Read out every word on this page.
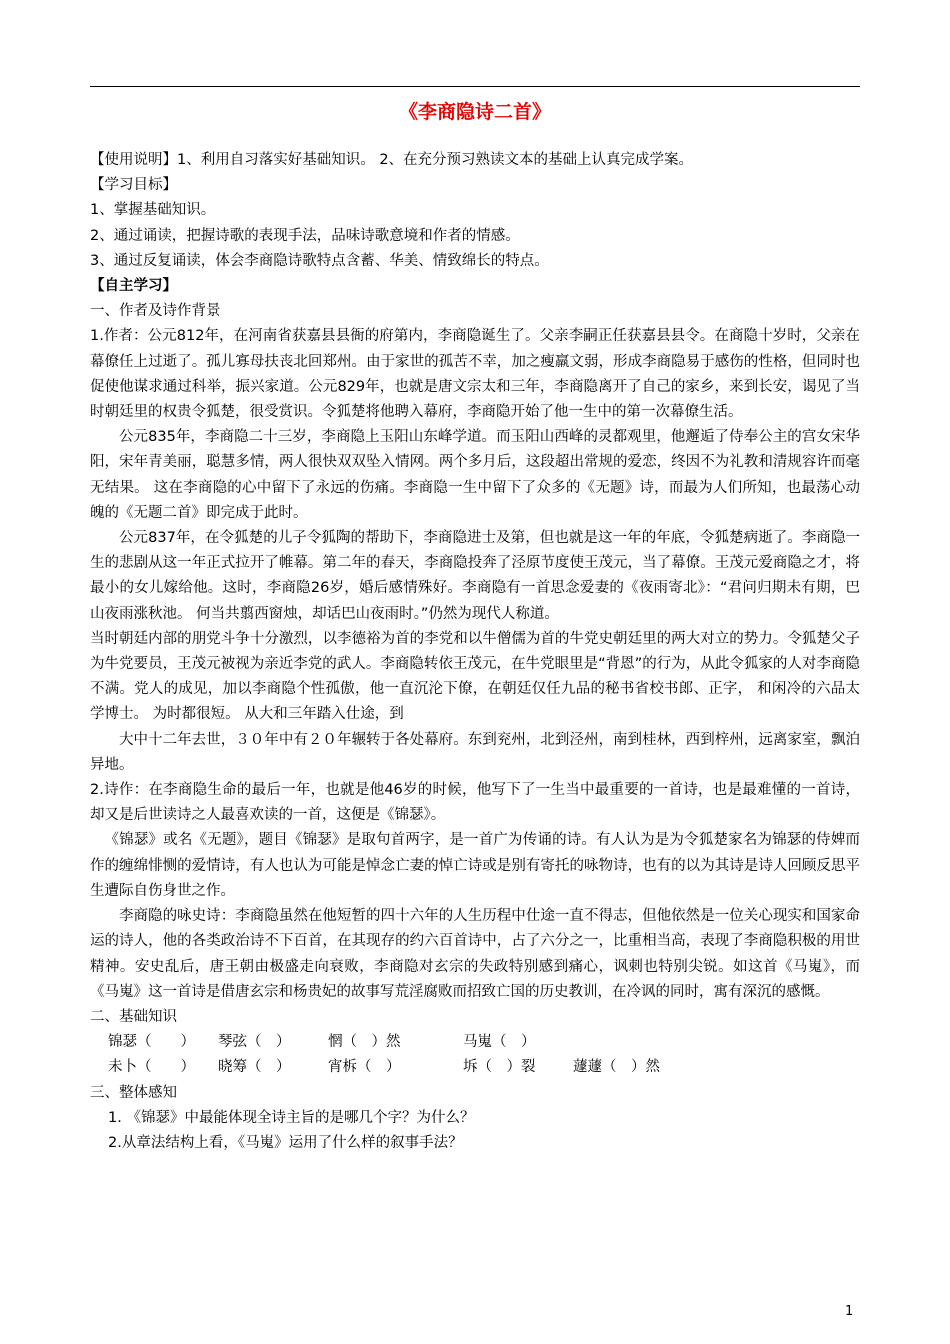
《李商隐诗二首》

【使用说明】1、利用自习落实好基础知识。 2、在充分预习熟读文本的基础上认真完成学案。

【学习目标】

1、掌握基础知识。

2、通过诵读，把握诗歌的表现手法，品味诗歌意境和作者的情感。

3、通过反复诵读，体会李商隐诗歌特点含蓄、华美、情致绵长的特点。

【自主学习】

一、作者及诗作背景

1.作者：公元812年，在河南省获嘉县县衙的府第内，李商隐诞生了。父亲李嗣正任获嘉县县令。在商隐十岁时，父亲在幕僚任上过逝了。孤儿寡母扶丧北回郑州。由于家世的孤苦不幸，加之瘦羸文弱，形成李商隐易于感伤的性格，但同时也促使他谋求通过科举，振兴家道。公元829年，也就是唐文宗太和三年，李商隐离开了自己的家乡，来到长安，谒见了当时朝廷里的权贵令狐楚，很受赏识。令狐楚将他聘入幕府，李商隐开始了他一生中的第一次幕僚生活。

公元835年，李商隐二十三岁，李商隐上玉阳山东峰学道。而玉阳山西峰的灵都观里，他邂逅了侍奉公主的宫女宋华阳，宋年青美丽，聪慧多情，两人很快双双坠入情网。两个多月后，这段超出常规的爱恋，终因不为礼教和清规容许而毫无结果。 这在李商隐的心中留下了永远的伤痛。李商隐一生中留下了众多的《无题》诗，而最为人们所知，也最荡心动魄的《无题二首》即完成于此时。

公元837年，在令狐楚的儿子令狐陶的帮助下，李商隐进士及第，但也就是这一年的年底，令狐楚病逝了。李商隐一生的悲剧从这一年正式拉开了帷幕。第二年的春天，李商隐投奔了泾原节度使王茂元，当了幕僚。王茂元爱商隐之才，将最小的女儿嫁给他。这时，李商隐26岁，婚后感情殊好。李商隐有一首思念爱妻的《夜雨寄北》：“君问归期未有期，巴山夜雨涨秋池。 何当共翦西窗烛，却话巴山夜雨时。”仍然为现代人称道。

当时朝廷内部的朋党斗争十分激烈，以李德裕为首的李党和以牛僧儒为首的牛党史朝廷里的两大对立的势力。令狐楚父子为牛党要员，王茂元被视为亲近李党的武人。李商隐转依王茂元，在牛党眼里是“背恩”的行为，从此令狐家的人对李商隐不满。党人的成见，加以李商隐个性孤傲，他一直沉沦下僚，在朝廷仅任九品的秘书省校书郎、正字， 和闲冷的六品太学博士。 为时都很短。 从大和三年踏入仕途，到

大中十二年去世，３０年中有２０年辗转于各处幕府。东到兖州，北到泾州，南到桂林，西到梓州，远离家室，飘泊异地。

2.诗作：在李商隐生命的最后一年，也就是他46岁的时候，他写下了一生当中最重要的一首诗，也是最难懂的一首诗，却又是后世读诗之人最喜欢读的一首，这便是《锦瑟》。

《锦瑟》或名《无题》，题目《锦瑟》是取句首两字，是一首广为传诵的诗。有人认为是为令狐楚家名为锦瑟的侍婢而作的缠绵悱恻的爱情诗，有人也认为可能是悼念亡妻的悼亡诗或是别有寄托的咏物诗，也有的以为其诗是诗人回顾反思平生遭际自伤身世之作。

李商隐的咏史诗：李商隐虽然在他短暂的四十六年的人生历程中仕途一直不得志，但他依然是一位关心现实和国家命运的诗人，他的各类政治诗不下百首，在其现存的约六百首诗中，占了六分之一，比重相当高，表现了李商隐积极的用世精神。安史乱后，唐王朝由极盛走向衰败，李商隐对玄宗的失政特别感到痛心，讽刺也特别尖锐。如这首《马嵬》，而《马嵬》这一首诗是借唐玄宗和杨贵妃的故事写荒淫腐败而招致亡国的历史教训，在冷讽的同时，寓有深沉的感慨。

二、基础知识

锦瑟（　　）	琴弦（　）	惘（　）然	马嵬（　）
未卜（　　）	晓筹（　）	宵柝（　）	坼（　）裂	蘧蘧（　）然

三、整体感知

1. 《锦瑟》中最能体现全诗主旨的是哪几个字？为什么？

2.从章法结构上看，《马嵬》运用了什么样的叙事手法？

1
